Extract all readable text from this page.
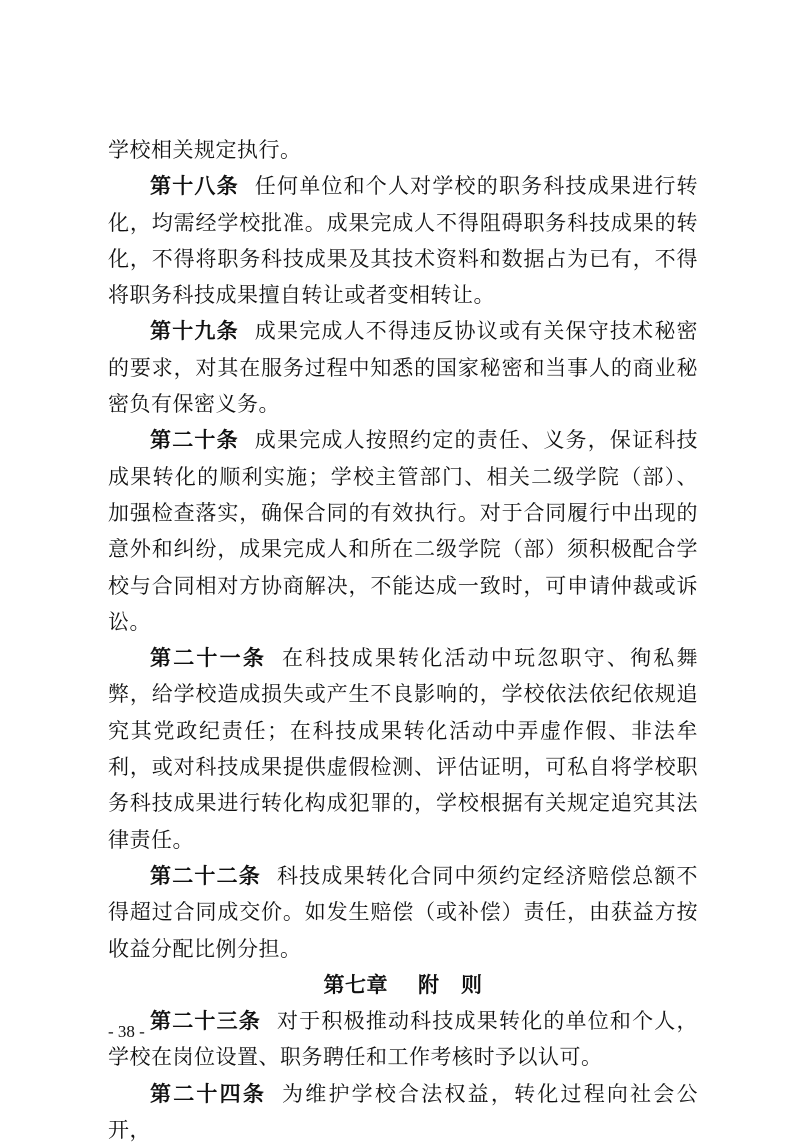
学校相关规定执行。

第十八条 任何单位和个人对学校的职务科技成果进行转化，均需经学校批准。成果完成人不得阻碍职务科技成果的转化，不得将职务科技成果及其技术资料和数据占为已有，不得将职务科技成果擅自转让或者变相转让。

第十九条 成果完成人不得违反协议或有关保守技术秘密的要求，对其在服务过程中知悉的国家秘密和当事人的商业秘密负有保密义务。

第二十条 成果完成人按照约定的责任、义务，保证科技成果转化的顺利实施；学校主管部门、相关二级学院（部）、加强检查落实，确保合同的有效执行。对于合同履行中出现的意外和纠纷，成果完成人和所在二级学院（部）须积极配合学校与合同相对方协商解决，不能达成一致时，可申请仲裁或诉讼。

第二十一条 在科技成果转化活动中玩忽职守、徇私舞弊，给学校造成损失或产生不良影响的，学校依法依纪依规追究其党政纪责任；在科技成果转化活动中弄虚作假、非法牟利，或对科技成果提供虚假检测、评估证明，可私自将学校职务科技成果进行转化构成犯罪的，学校根据有关规定追究其法律责任。

第二十二条 科技成果转化合同中须约定经济赔偿总额不得超过合同成交价。如发生赔偿（或补偿）责任，由获益方按收益分配比例分担。

第七章 附　则

第二十三条 对于积极推动科技成果转化的单位和个人，学校在岗位设置、职务聘任和工作考核时予以认可。

第二十四条 为维护学校合法权益，转化过程向社会公开，

- 38 -
